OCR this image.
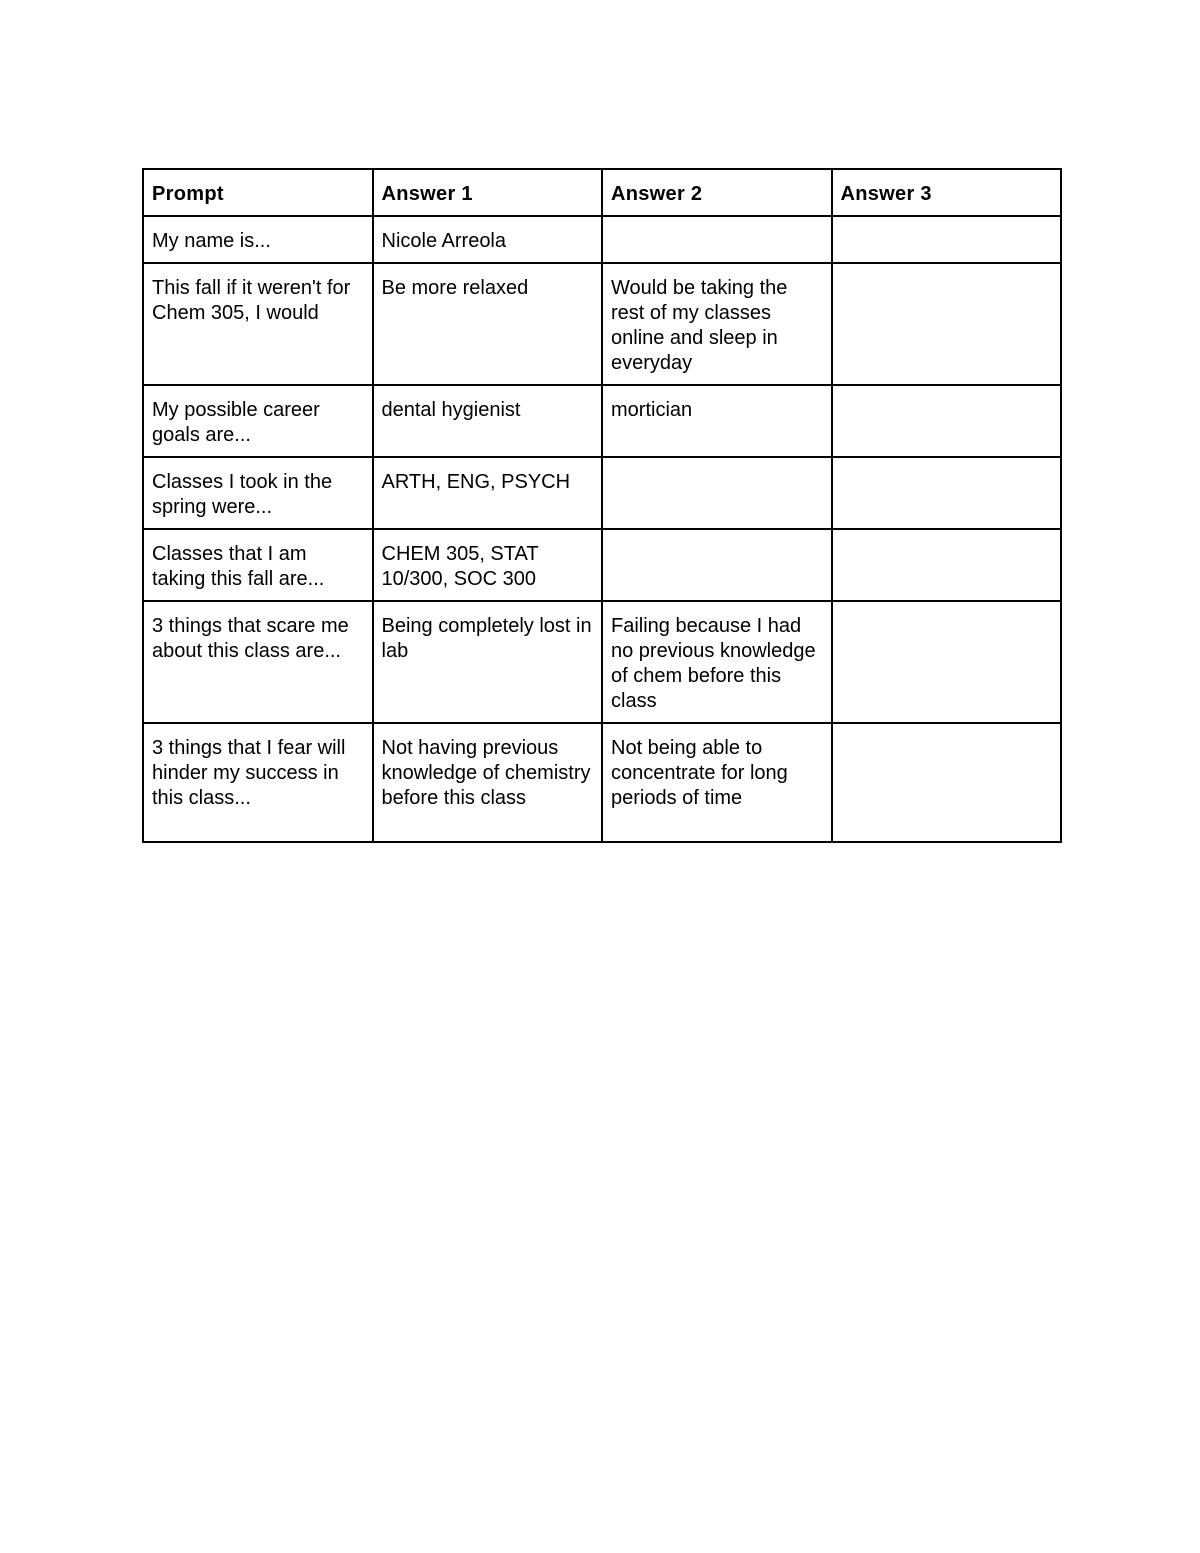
Prompt	Answer 1	Answer 2	Answer 3
My name is...	Nicole Arreola		
This fall if it weren't for Chem 305, I would	Be more relaxed	Would be taking the rest of my classes online and sleep in everyday	
My possible career goals are...	dental hygienist	mortician	
Classes I took in the spring were...	ARTH, ENG, PSYCH		
Classes that I am taking this fall are...	CHEM 305, STAT 10/300, SOC 300		
3 things that scare me about this class are...	Being completely lost in lab	Failing because I had no previous knowledge of chem before this class	
3 things that I fear will hinder my success in this class...	Not having previous knowledge of chemistry before this class	Not being able to concentrate for long periods of time	
